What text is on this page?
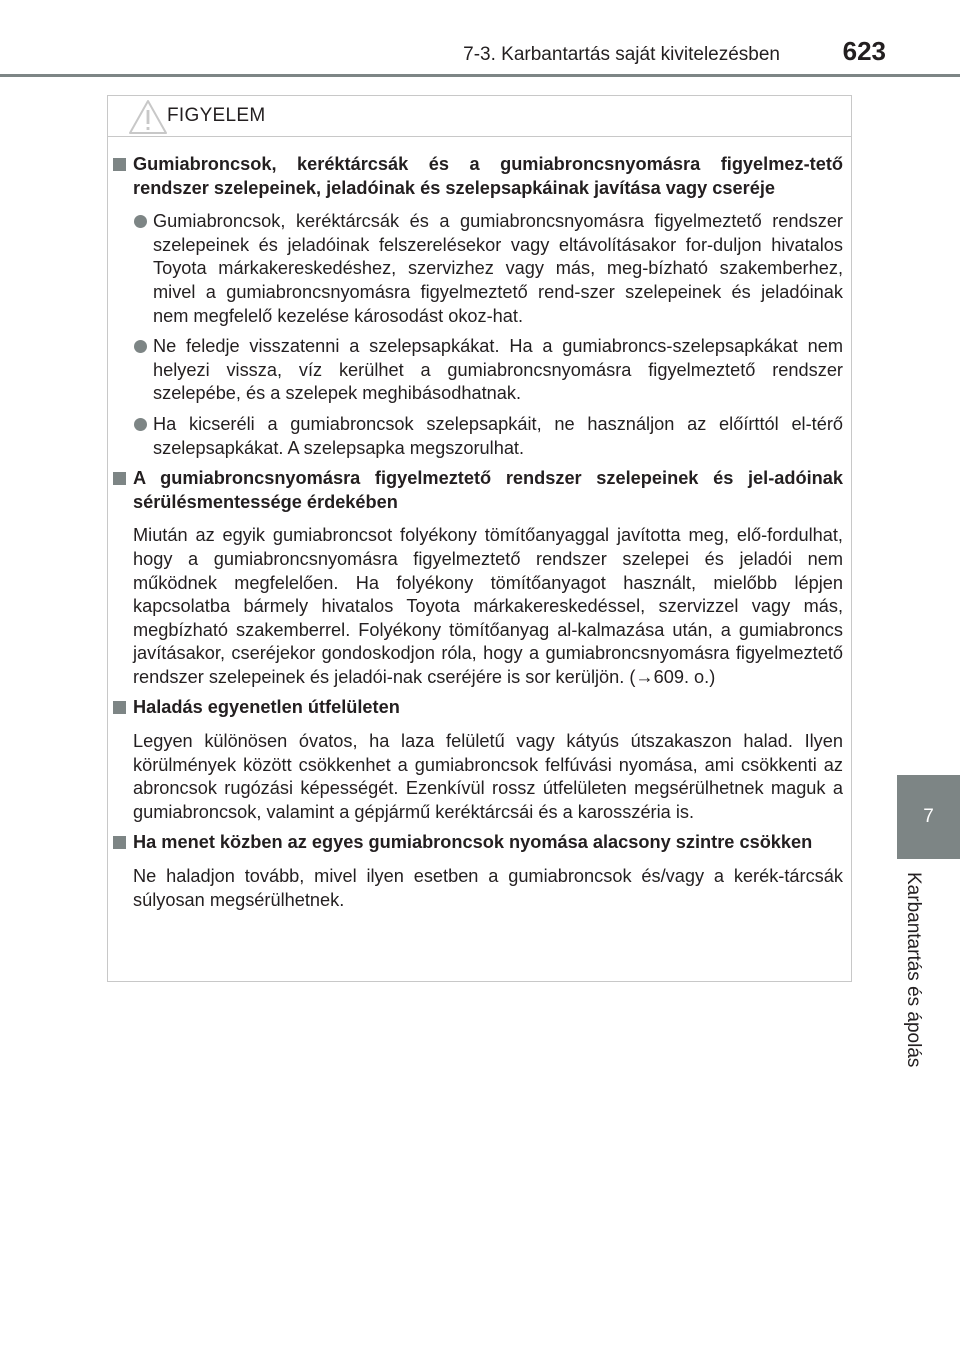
7-3. Karbantartás saját kivitelezésben 623
7
Karbantartás és ápolás
FIGYELEM
Gumiabroncsok, keréktárcsák és a gumiabroncsnyomásra figyelmez-tető rendszer szelepeinek, jeladóinak és szelepsapkáinak javítása vagy cseréje
Gumiabroncsok, keréktárcsák és a gumiabroncsnyomásra figyelmeztető rendszer szelepeinek és jeladóinak felszerelésekor vagy eltávolításakor for-duljon hivatalos Toyota márkakereskedéshez, szervizhez vagy más, meg-bízható szakemberhez, mivel a gumiabroncsnyomásra figyelmeztető rend-szer szelepeinek és jeladóinak nem megfelelő kezelése károsodást okoz-hat.
Ne feledje visszatenni a szelepsapkákat. Ha a gumiabroncs-szelepsapkákat nem helyezi vissza, víz kerülhet a gumiabroncsnyomásra figyelmeztető rendszer szelepébe, és a szelepek meghibásodhatnak.
Ha kicseréli a gumiabroncsok szelepsapkáit, ne használjon az előírttól el-térő szelepsapkákat. A szelepsapka megszorulhat.
A gumiabroncsnyomásra figyelmeztető rendszer szelepeinek és jel-adóinak sérülésmentessége érdekében
Miután az egyik gumiabroncsot folyékony tömítőanyaggal javította meg, elő-fordulhat, hogy a gumiabroncsnyomásra figyelmeztető rendszer szelepei és jeladói nem működnek megfelelően. Ha folyékony tömítőanyagot használt, mielőbb lépjen kapcsolatba bármely hivatalos Toyota márkakereskedéssel, szervizzel vagy más, megbízható szakemberrel. Folyékony tömítőanyag al-kalmazása után, a gumiabroncs javításakor, cseréjekor gondoskodjon róla, hogy a gumiabroncsnyomásra figyelmeztető rendszer szelepeinek és jeladói-nak cseréjére is sor kerüljön. (→609. o.)
Haladás egyenetlen útfelületen
Legyen különösen óvatos, ha laza felületű vagy kátyús útszakaszon halad. Ilyen körülmények között csökkenhet a gumiabroncsok felfúvási nyomása, ami csökkenti az abroncsok rugózási képességét. Ezenkívül rossz útfelületen megsérülhetnek maguk a gumiabroncsok, valamint a gépjármű keréktárcsái és a karosszéria is.
Ha menet közben az egyes gumiabroncsok nyomása alacsony szintre csökken
Ne haladjon tovább, mivel ilyen esetben a gumiabroncsok és/vagy a kerék-tárcsák súlyosan megsérülhetnek.
